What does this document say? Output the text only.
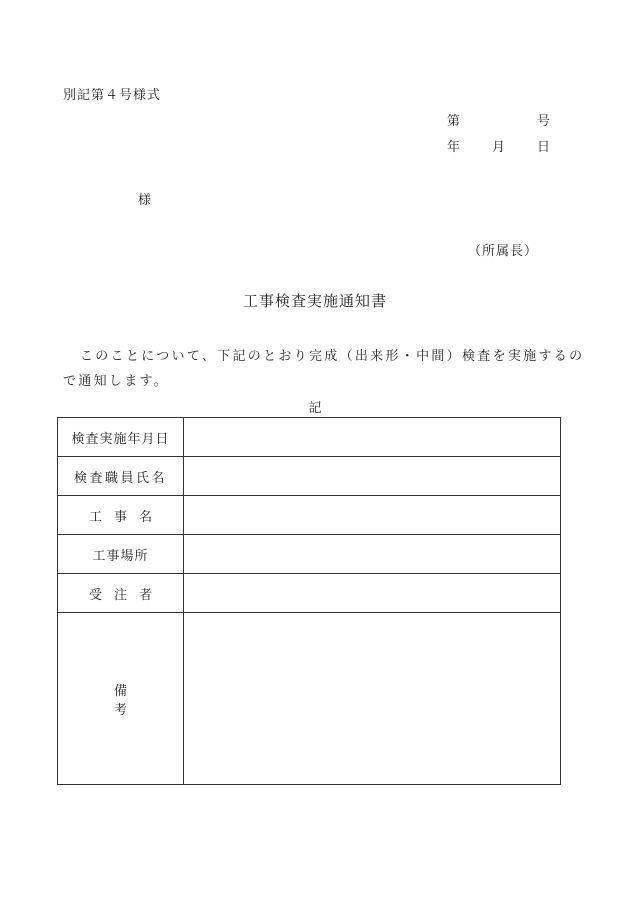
別記第４号様式
第	号
年 月 日
様
（所属長）
工事検査実施通知書
このことについて、下記のとおり完成（出来形・中間）検査を実施するの
で通知します。
記
検査実施年月日	
検査職員氏名	
工事名	
工事場所	
受注者	
備考	
